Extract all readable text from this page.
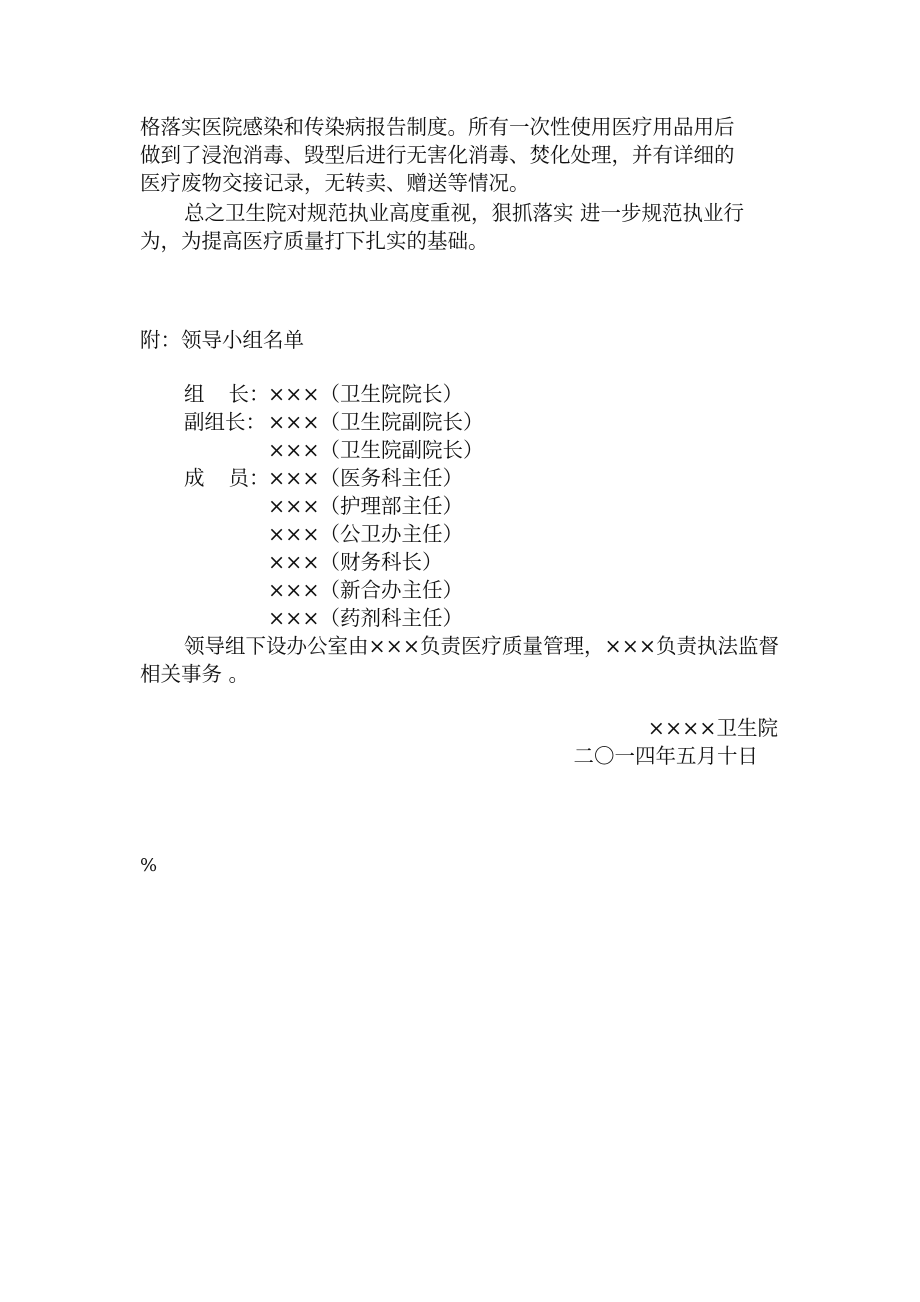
格落实医院感染和传染病报告制度。所有一次性使用医疗用品用后
做到了浸泡消毒、毁型后进行无害化消毒、焚化处理，并有详细的
医疗废物交接记录，无转卖、赠送等情况。
总之卫生院对规范执业高度重视，狠抓落实 进一步规范执业行
为，为提高医疗质量打下扎实的基础。
附：领导小组名单
组 长：
×××（卫生院院长）
副组长： ×××（卫生院副院长）
×××（卫生院副院长）
成 员：
×××（医务科主任）
×××（护理部主任）
×××（公卫办主任）
×××（财务科长）
×××（新合办主任）
×××（药剂科主任）
领导组下设办公室由×××负责医疗质量管理，×××负责执法监督
相关事务 。
××××卫生院
二〇一四年五月十日
%
